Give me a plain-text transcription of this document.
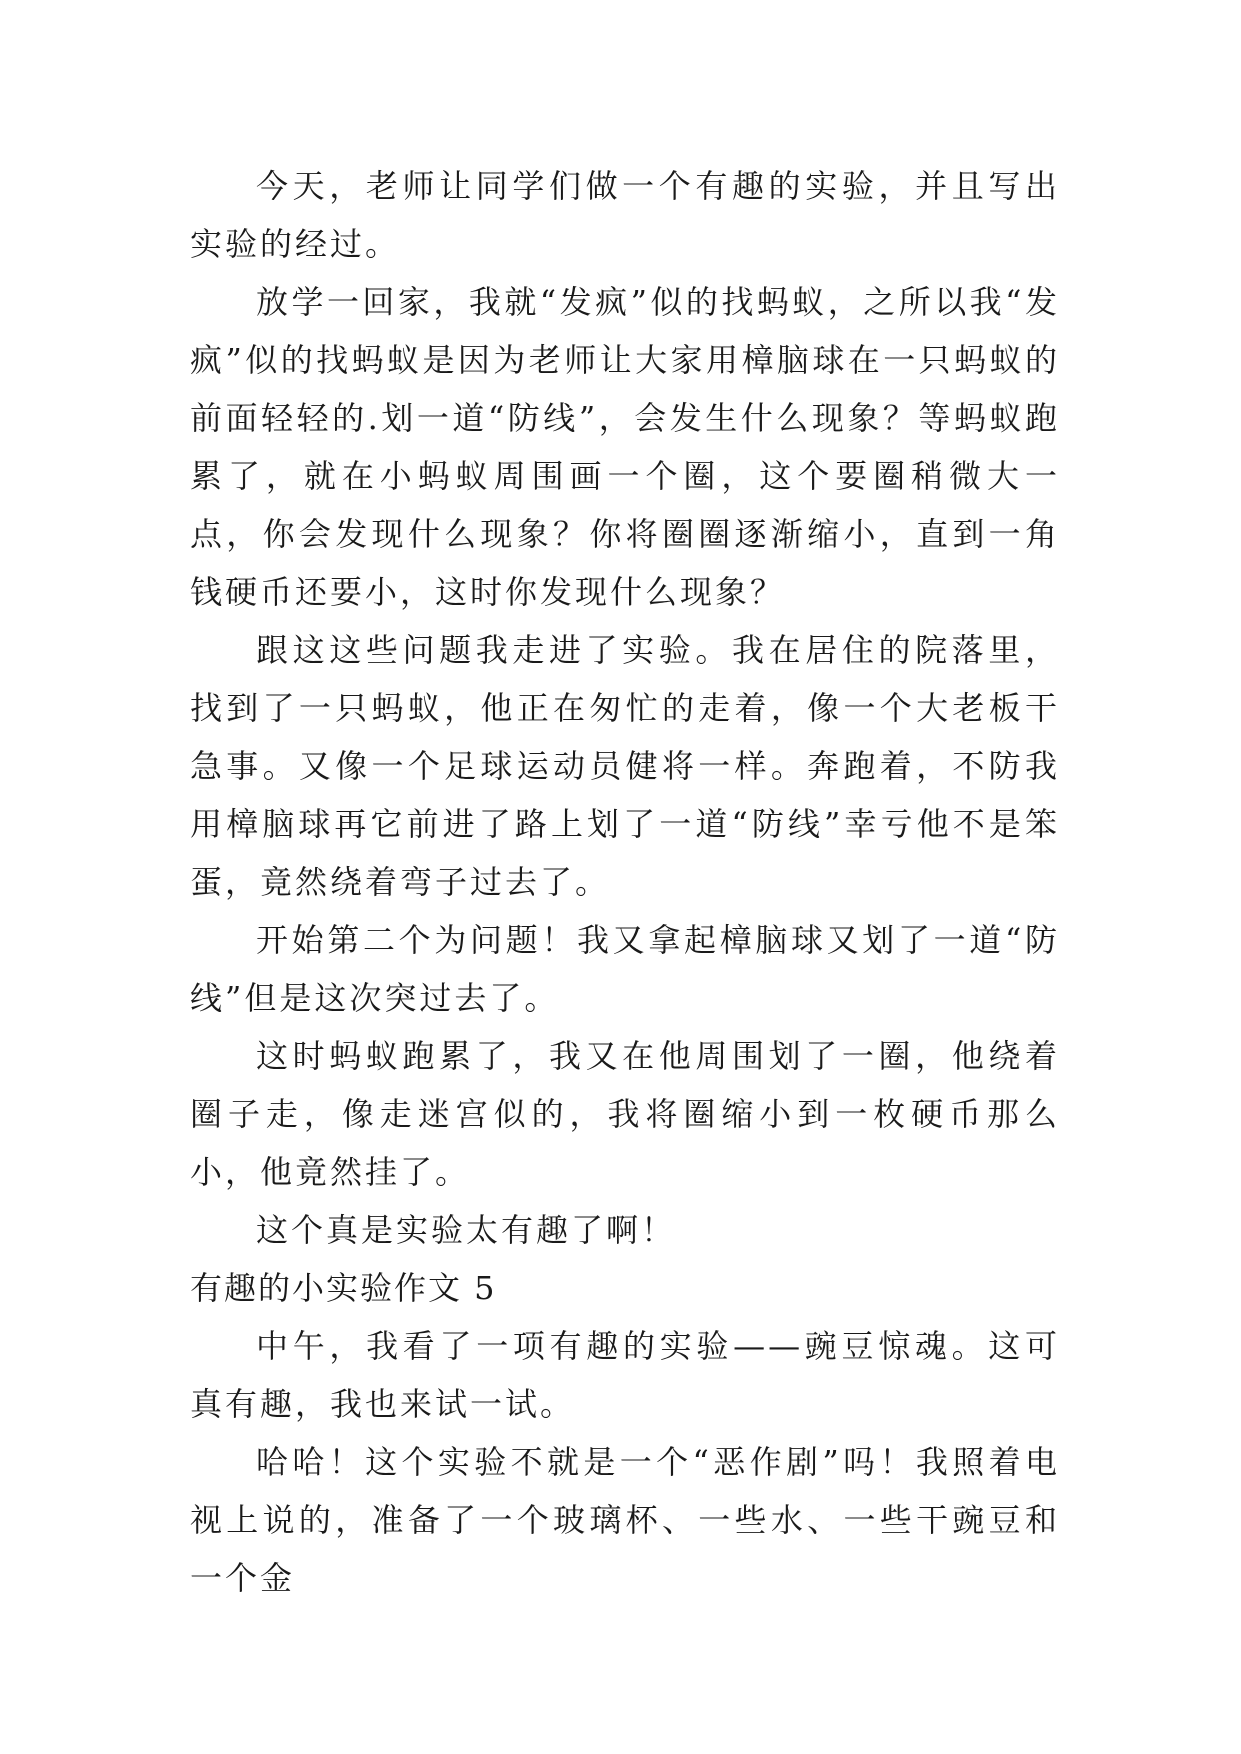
今天，老师让同学们做一个有趣的实验，并且写出实验的经过。

放学一回家，我就“发疯”似的找蚂蚁，之所以我“发疯”似的找蚂蚁是因为老师让大家用樟脑球在一只蚂蚁的前面轻轻的.划一道“防线”，会发生什么现象？等蚂蚁跑累了，就在小蚂蚁周围画一个圈，这个要圈稍微大一点，你会发现什么现象？你将圈圈逐渐缩小，直到一角钱硬币还要小，这时你发现什么现象？

跟这这些问题我走进了实验。我在居住的院落里，找到了一只蚂蚁，他正在匆忙的走着，像一个大老板干急事。又像一个足球运动员健将一样。奔跑着，不防我用樟脑球再它前进了路上划了一道“防线”幸亏他不是笨蛋，竟然绕着弯子过去了。

开始第二个为问题！我又拿起樟脑球又划了一道“防线”但是这次突过去了。

这时蚂蚁跑累了，我又在他周围划了一圈，他绕着圈子走，像走迷宫似的，我将圈缩小到一枚硬币那么小，他竟然挂了。

这个真是实验太有趣了啊！

有趣的小实验作文 5

中午，我看了一项有趣的实验——豌豆惊魂。这可真有趣，我也来试一试。

哈哈！这个实验不就是一个“恶作剧”吗！我照着电视上说的，准备了一个玻璃杯、一些水、一些干豌豆和一个金
